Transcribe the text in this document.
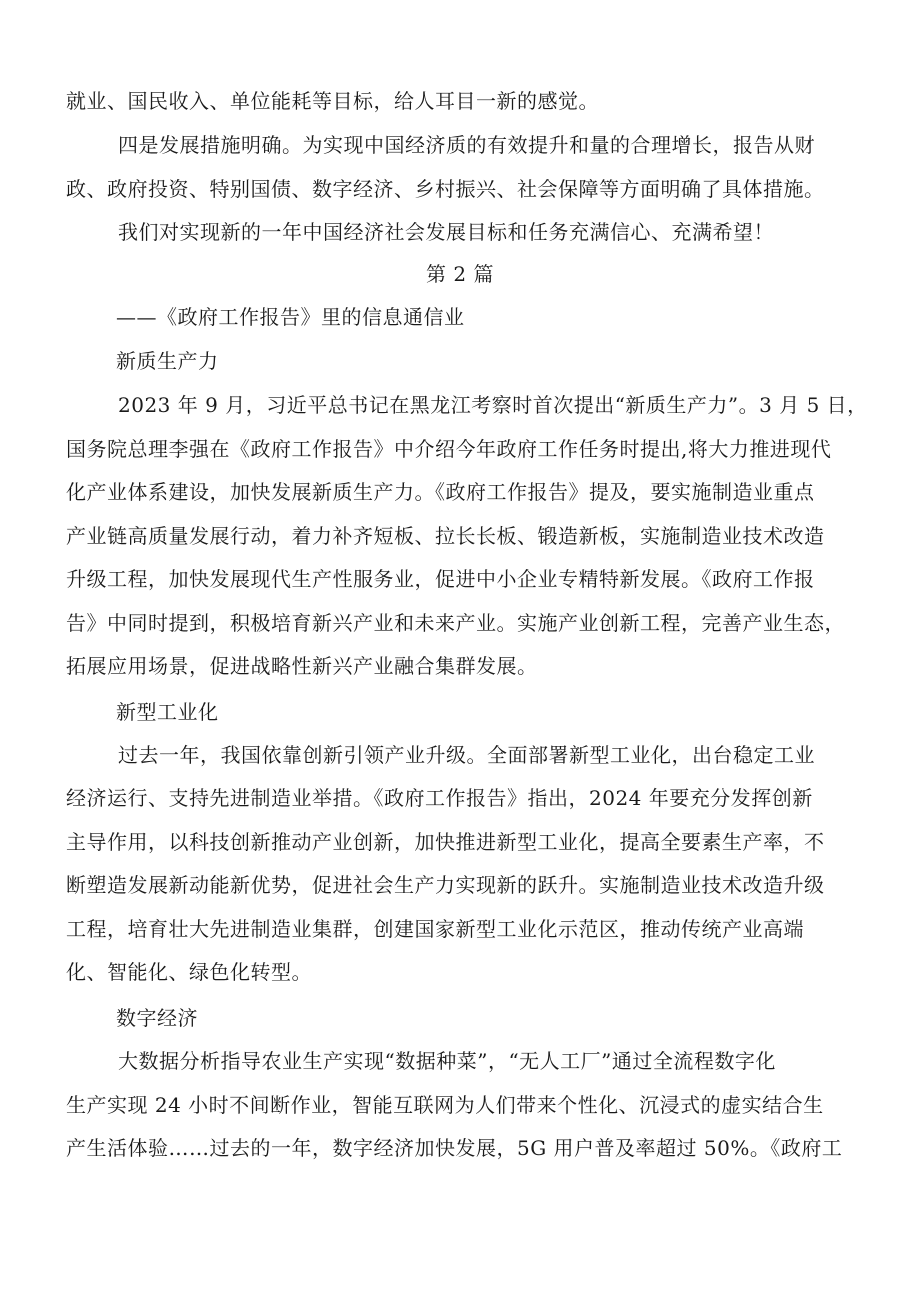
就业、国民收入、单位能耗等目标，给人耳目一新的感觉。
四是发展措施明确。为实现中国经济质的有效提升和量的合理增长，报告从财
政、政府投资、特别国债、数字经济、乡村振兴、社会保障等方面明确了具体措施。
我们对实现新的一年中国经济社会发展目标和任务充满信心、充满希望！
第 2 篇
——《政府工作报告》里的信息通信业
新质生产力
2023 年 9 月，习近平总书记在黑龙江考察时首次提出“新质生产力”。3 月 5 日，
国务院总理李强在《政府工作报告》中介绍今年政府工作任务时提出,将大力推进现代
化产业体系建设，加快发展新质生产力。《政府工作报告》提及，要实施制造业重点
产业链高质量发展行动，着力补齐短板、拉长长板、锻造新板，实施制造业技术改造
升级工程，加快发展现代生产性服务业，促进中小企业专精特新发展。《政府工作报
告》中同时提到，积极培育新兴产业和未来产业。实施产业创新工程，完善产业生态，
拓展应用场景，促进战略性新兴产业融合集群发展。
新型工业化
过去一年，我国依靠创新引领产业升级。全面部署新型工业化，出台稳定工业
经济运行、支持先进制造业举措。《政府工作报告》指出，2024 年要充分发挥创新
主导作用，以科技创新推动产业创新，加快推进新型工业化，提高全要素生产率，不
断塑造发展新动能新优势，促进社会生产力实现新的跃升。实施制造业技术改造升级
工程，培育壮大先进制造业集群，创建国家新型工业化示范区，推动传统产业高端
化、智能化、绿色化转型。
数字经济
大数据分析指导农业生产实现“数据种菜”，“无人工厂”通过全流程数字化
生产实现 24 小时不间断作业，智能互联网为人们带来个性化、沉浸式的虚实结合生
产生活体验……过去的一年，数字经济加快发展，5G 用户普及率超过 50%。《政府工
